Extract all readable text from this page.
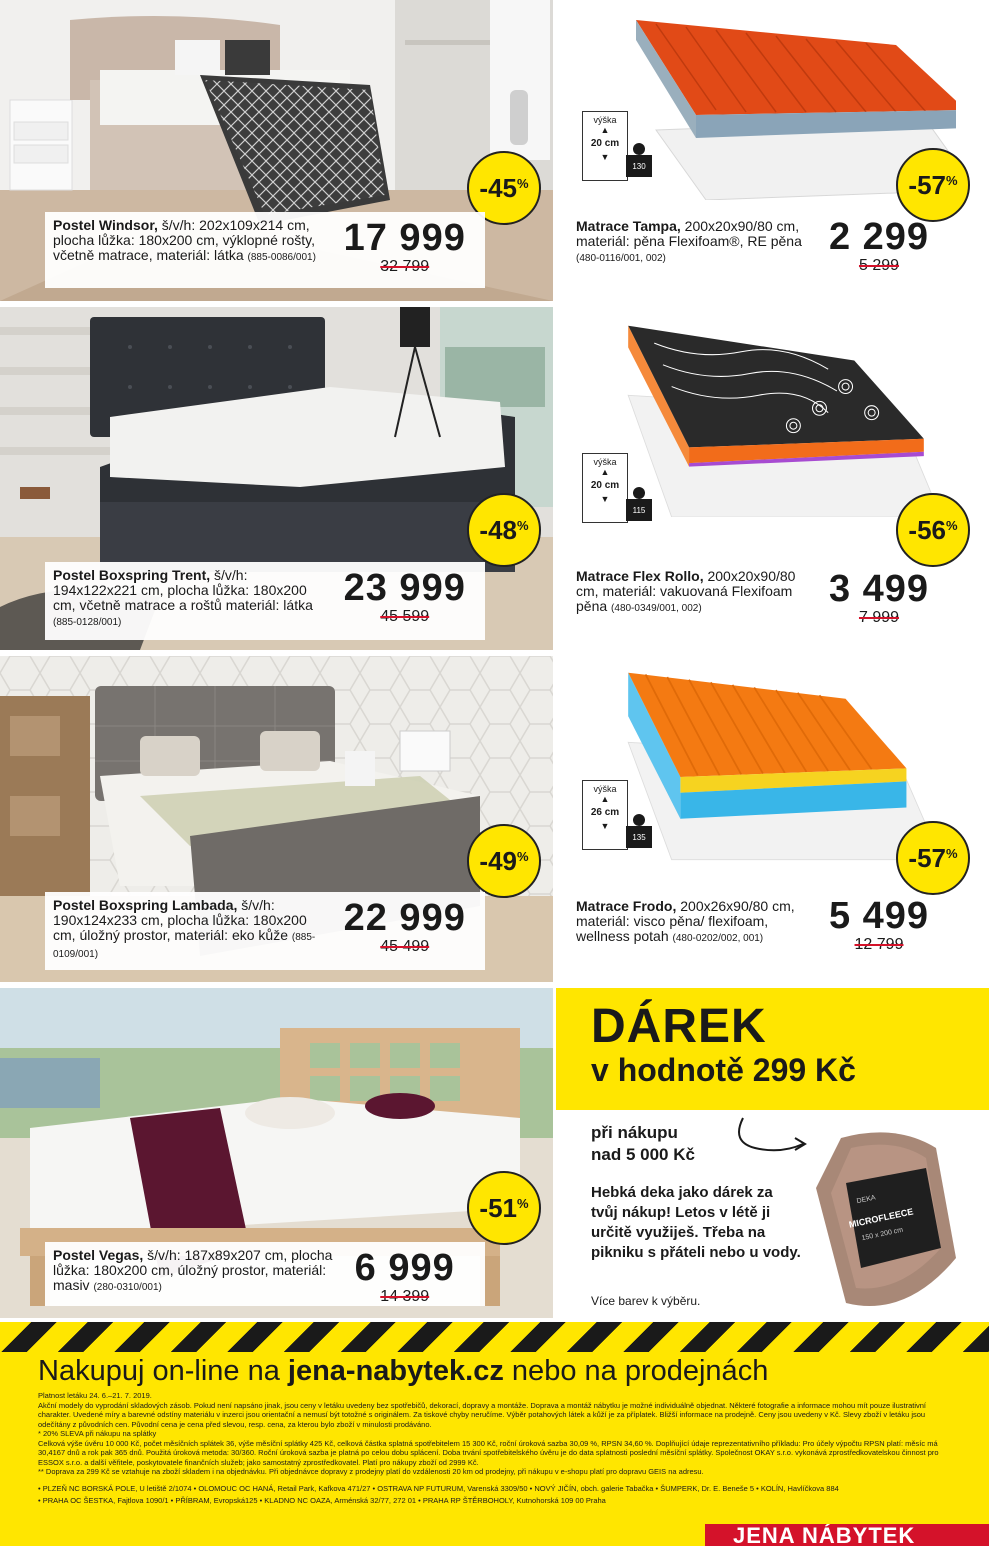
-45 %
Postel Windsor, š/v/h: 202x109x214 cm, plocha lůžka: 180x200 cm, výklopné rošty, včetně matrace, materiál: látka (885-0086/001) 17 999
32 799
-48 %
Postel Boxspring Trent, š/v/h: 194x122x221 cm, plocha lůžka: 180x200 cm, včetně matrace a roštů materiál: látka (885-0128/001)
23 999
45 599
-49 %
Postel Boxspring Lambada, š/v/h: 190x124x233 cm, plocha lůžka: 180x200 cm, úložný prostor, materiál: eko kůže (885-0109/001)
22 999
45 499
-51 %
Postel Vegas, š/v/h: 187x89x207 cm, plocha lůžka: 180x200 cm, úložný prostor, materiál: masiv (280-0310/001)	6 999
14 399
výška
▲
20 cm
▼
130
-57 %
Matrace Tampa, 200x20x90/80 cm, materiál: pěna Flexifoam®, RE pěna (480-0116/001, 002)
2 299
5 299
výška
▲
20 cm
▼
115
-56 %
Matrace Flex Rollo, 200x20x90/80 cm, materiál: vakuovaná Flexifoam pěna (480-0349/001, 002)	3 499
7 999
výška
▲
26 cm
▼
135
-57 %
Matrace Frodo, 200x26x90/80 cm, materiál: visco pěna/ flexifoam, wellness potah (480-0202/002, 001)
5 499
12 799
DÁREK
v hodnotě 299 Kč
při nákupu
nad 5 000 Kč
Hebká deka jako dárek za tvůj nákup! Letos v létě ji určitě využiješ. Třeba na pikniku s přáteli nebo u vody.
Více barev k výběru.
DEKA
MICROFLEECE
150 x 200 cm
Nakupuj on-line na jena-nabytek.cz nebo na prodejnách
Platnost letáku 24. 6.–21. 7. 2019.
Akční modely do vyprodání skladových zásob. Pokud není napsáno jinak, jsou ceny v letáku uvedeny bez spotřebičů, dekorací, dopravy a montáže. Doprava a montáž nábytku je možné individuálně objednat. Některé fotografie a informace mohou mít pouze ilustrativní charakter. Uvedené míry a barevné odstíny materiálu v inzerci jsou orientační a nemusí být totožné s originálem. Za tiskové chyby neručíme. Výběr potahových látek a kůží je za příplatek. Bližší informace na prodejně. Ceny jsou uvedeny v Kč. Slevy zboží v letáku jsou odečítány z původních cen. Původní cena je cena před slevou, resp. cena, za kterou bylo zboží v minulosti prodáváno.
* 20% SLEVA při nákupu na splátky
Celková výše úvěru 10 000 Kč, počet měsíčních splátek 36, výše měsíční splátky 425 Kč, celková částka splatná spotřebitelem 15 300 Kč, roční úroková sazba 30,09 %, RPSN 34,60 %. Doplňující údaje reprezentativního příkladu: Pro účely výpočtu RPSN platí: měsíc má 30,4167 dnů a rok pak 365 dnů. Použitá úroková metoda: 30/360. Roční úroková sazba je platná po celou dobu splácení. Doba trvání spotřebitelského úvěru je do data splatnosti poslední měsíční splátky. Společnost OKAY s.r.o. vykonává zprostředkovatelskou činnost pro ESSOX s.r.o. a další věřitele, poskytovatele finančních služeb; jako samostatný zprostředkovatel. Platí pro nákupy zboží od 2999 Kč.
** Doprava za 299 Kč se vztahuje na zboží skladem i na objednávku. Při objednávce dopravy z prodejny platí do vzdálenosti 20 km od prodejny, při nákupu v e-shopu platí pro dopravu GEIS na adresu.
• PLZEŇ NC BORSKÁ POLE, U letiště 2/1074 • OLOMOUC OC HANÁ, Retail Park, Kafkova 471/27 • OSTRAVA NP FUTURUM, Varenská 3309/50 • NOVÝ JIČÍN, obch. galerie Tabačka • ŠUMPERK, Dr. E. Beneše 5 • KOLÍN, Havlíčkova 884
• PRAHA OC ŠESTKA, Fajtlova 1090/1 • PŘÍBRAM, Evropská125 • KLADNO NC OAZA, Arménská 32/77, 272 01 • PRAHA RP ŠTĚRBOHOLY, Kutnohorská 109 00 Praha
JENA NÁBYTEK
